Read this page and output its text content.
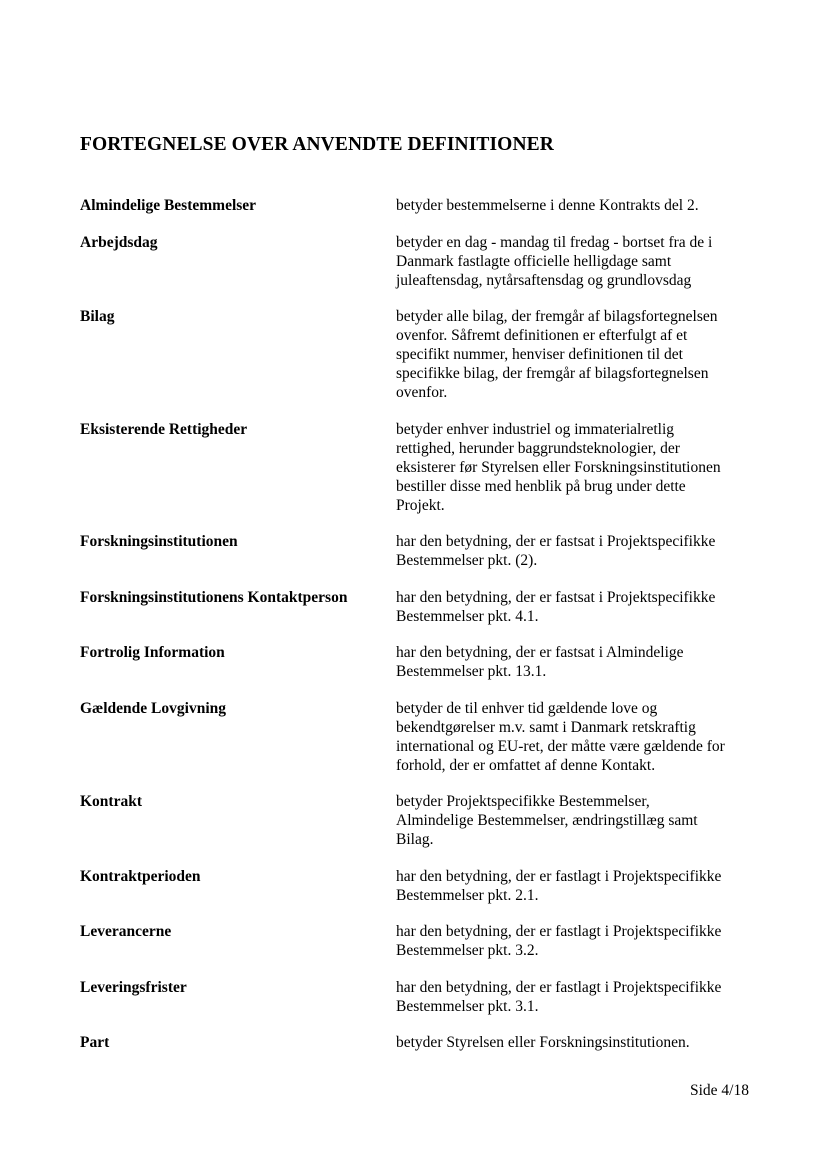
FORTEGNELSE OVER ANVENDTE DEFINITIONER
Almindelige Bestemmelser	betyder bestemmelserne i denne Kontrakts del 2.
Arbejdsdag	betyder en dag - mandag til fredag - bortset fra de i
Danmark fastlagte officielle helligdage samt
juleaftensdag, nytårsaftensdag og grundlovsdag
Bilag	betyder alle bilag, der fremgår af bilagsfortegnelsen
ovenfor. Såfremt definitionen er efterfulgt af et
specifikt nummer, henviser definitionen til det
specifikke bilag, der fremgår af bilagsfortegnelsen
ovenfor.
Eksisterende Rettigheder	betyder enhver industriel og immaterialretlig
rettighed, herunder baggrundsteknologier, der
eksisterer før Styrelsen eller Forskningsinstitutionen
bestiller disse med henblik på brug under dette
Projekt.
Forskningsinstitutionen	har den betydning, der er fastsat i Projektspecifikke
Bestemmelser pkt. (2).
Forskningsinstitutionens Kontaktperson	har den betydning, der er fastsat i Projektspecifikke
Bestemmelser pkt. 4.1.
Fortrolig Information	har den betydning, der er fastsat i Almindelige
Bestemmelser pkt. 13.1.
Gældende Lovgivning	betyder de til enhver tid gældende love og
bekendtgørelser m.v. samt i Danmark retskraftig
international og EU-ret, der måtte være gældende for
forhold, der er omfattet af denne Kontakt.
Kontrakt	betyder Projektspecifikke Bestemmelser,
Almindelige Bestemmelser, ændringstillæg samt
Bilag.
Kontraktperioden	har den betydning, der er fastlagt i Projektspecifikke
Bestemmelser pkt. 2.1.
Leverancerne	har den betydning, der er fastlagt i Projektspecifikke
Bestemmelser pkt. 3.2.
Leveringsfrister	har den betydning, der er fastlagt i Projektspecifikke
Bestemmelser pkt. 3.1.
Part	betyder Styrelsen eller Forskningsinstitutionen.
Side 4/18
